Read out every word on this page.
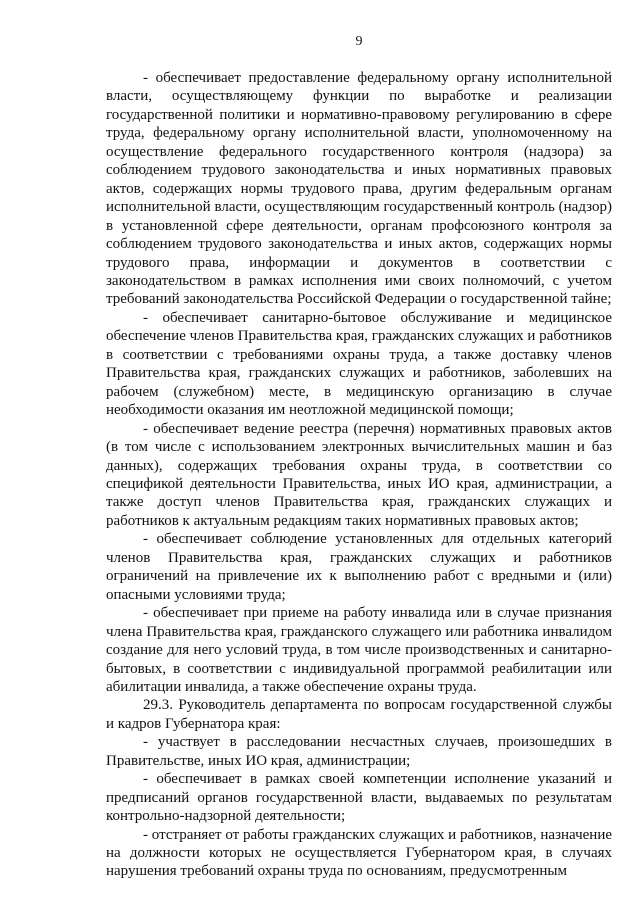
9

- обеспечивает предоставление федеральному органу исполнительной власти, осуществляющему функции по выработке и реализации государственной политики и нормативно-правовому регулированию в сфере труда, федеральному органу исполнительной власти, уполномоченному на осуществление федерального государственного контроля (надзора) за соблюдением трудового законодательства и иных нормативных правовых актов, содержащих нормы трудового права, другим федеральным органам исполнительной власти, осуществляющим государственный контроль (надзор) в установленной сфере деятельности, органам профсоюзного контроля за соблюдением трудового законодательства и иных актов, содержащих нормы трудового права, информации и документов в соответствии с законодательством в рамках исполнения ими своих полномочий, с учетом требований законодательства Российской Федерации о государственной тайне;

- обеспечивает санитарно-бытовое обслуживание и медицинское обеспечение членов Правительства края, гражданских служащих и работников в соответствии с требованиями охраны труда, а также доставку членов Правительства края, гражданских служащих и работников, заболевших на рабочем (служебном) месте, в медицинскую организацию в случае необходимости оказания им неотложной медицинской помощи;

- обеспечивает ведение реестра (перечня) нормативных правовых актов (в том числе с использованием электронных вычислительных машин и баз данных), содержащих требования охраны труда, в соответствии со спецификой деятельности Правительства, иных ИО края, администрации, а также доступ членов Правительства края, гражданских служащих и работников к актуальным редакциям таких нормативных правовых актов;

- обеспечивает соблюдение установленных для отдельных категорий членов Правительства края, гражданских служащих и работников ограничений на привлечение их к выполнению работ с вредными и (или) опасными условиями труда;

- обеспечивает при приеме на работу инвалида или в случае признания члена Правительства края, гражданского служащего или работника инвалидом создание для него условий труда, в том числе производственных и санитарно-бытовых, в соответствии с индивидуальной программой реабилитации или абилитации инвалида, а также обеспечение охраны труда.

29.3. Руководитель департамента по вопросам государственной службы и кадров Губернатора края:

- участвует в расследовании несчастных случаев, произошедших в Правительстве, иных ИО края, администрации;

- обеспечивает в рамках своей компетенции исполнение указаний и предписаний органов государственной власти, выдаваемых по результатам контрольно-надзорной деятельности;

- отстраняет от работы гражданских служащих и работников, назначение на должности которых не осуществляется Губернатором края, в случаях нарушения требований охраны труда по основаниям, предусмотренным
